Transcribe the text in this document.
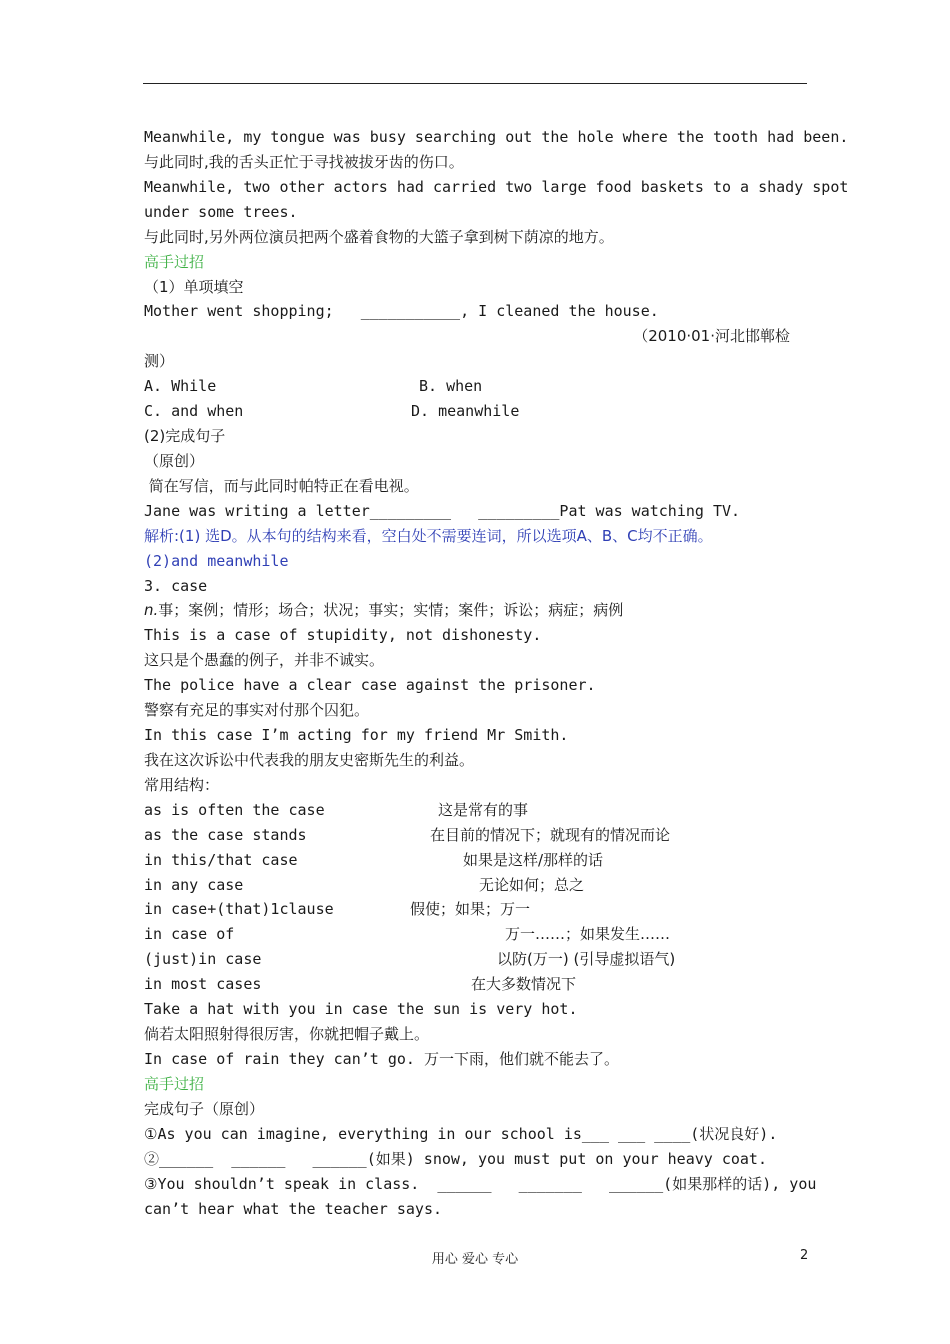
Meanwhile, my tongue was busy searching out the hole where the tooth had been.
与此同时,我的舌头正忙于寻找被拔牙齿的伤口。
Meanwhile, two other actors had carried two large food baskets to a shady spot
under some trees.
与此同时,另外两位演员把两个盛着食物的大篮子拿到树下荫凉的地方。
高手过招
（1）单项填空
Mother went shopping;   ___________, I cleaned the house.
（2010·01·河北邯郸检
测）
A. While	B. when
C. and when	D. meanwhile
(2)完成句子
（原创）
简在写信，而与此同时帕特正在看电视。
Jane was writing a letter_________   _________Pat was watching TV.
解析:(1) 选D。从本句的结构来看，空白处不需要连词，所以选项A、B、C均不正确。
(2)and meanwhile
3. case
n.事；案例；情形；场合；状况；事实；实情；案件；诉讼；病症；病例
This is a case of stupidity, not dishonesty.
这只是个愚蠢的例子，并非不诚实。
The police have a clear case against the prisoner.
警察有充足的事实对付那个囚犯。
In this case I’m acting for my friend Mr Smith.
我在这次诉讼中代表我的朋友史密斯先生的利益。
常用结构：
as is often the case	这是常有的事
as the case stands	在目前的情况下；就现有的情况而论
in this/that case	如果是这样/那样的话
in any case	无论如何；总之
in case+(that)1clause	假使；如果；万一
in case of	万一……；如果发生……
(just)in case	以防(万一) (引导虚拟语气)
in most cases	在大多数情况下
Take a hat with you in case the sun is very hot.
倘若太阳照射得很厉害，你就把帽子戴上。
In case of rain they can’t go. 万一下雨，他们就不能去了。
高手过招
完成句子（原创）
①As you can imagine, everything in our school is___ ___ ____(状况良好).
②______  ______   ______(如果) snow, you must put on your heavy coat.
③You shouldn’t speak in class.  ______   _______   ______(如果那样的话), you
can’t hear what the teacher says.
用心 爱心 专心	2
